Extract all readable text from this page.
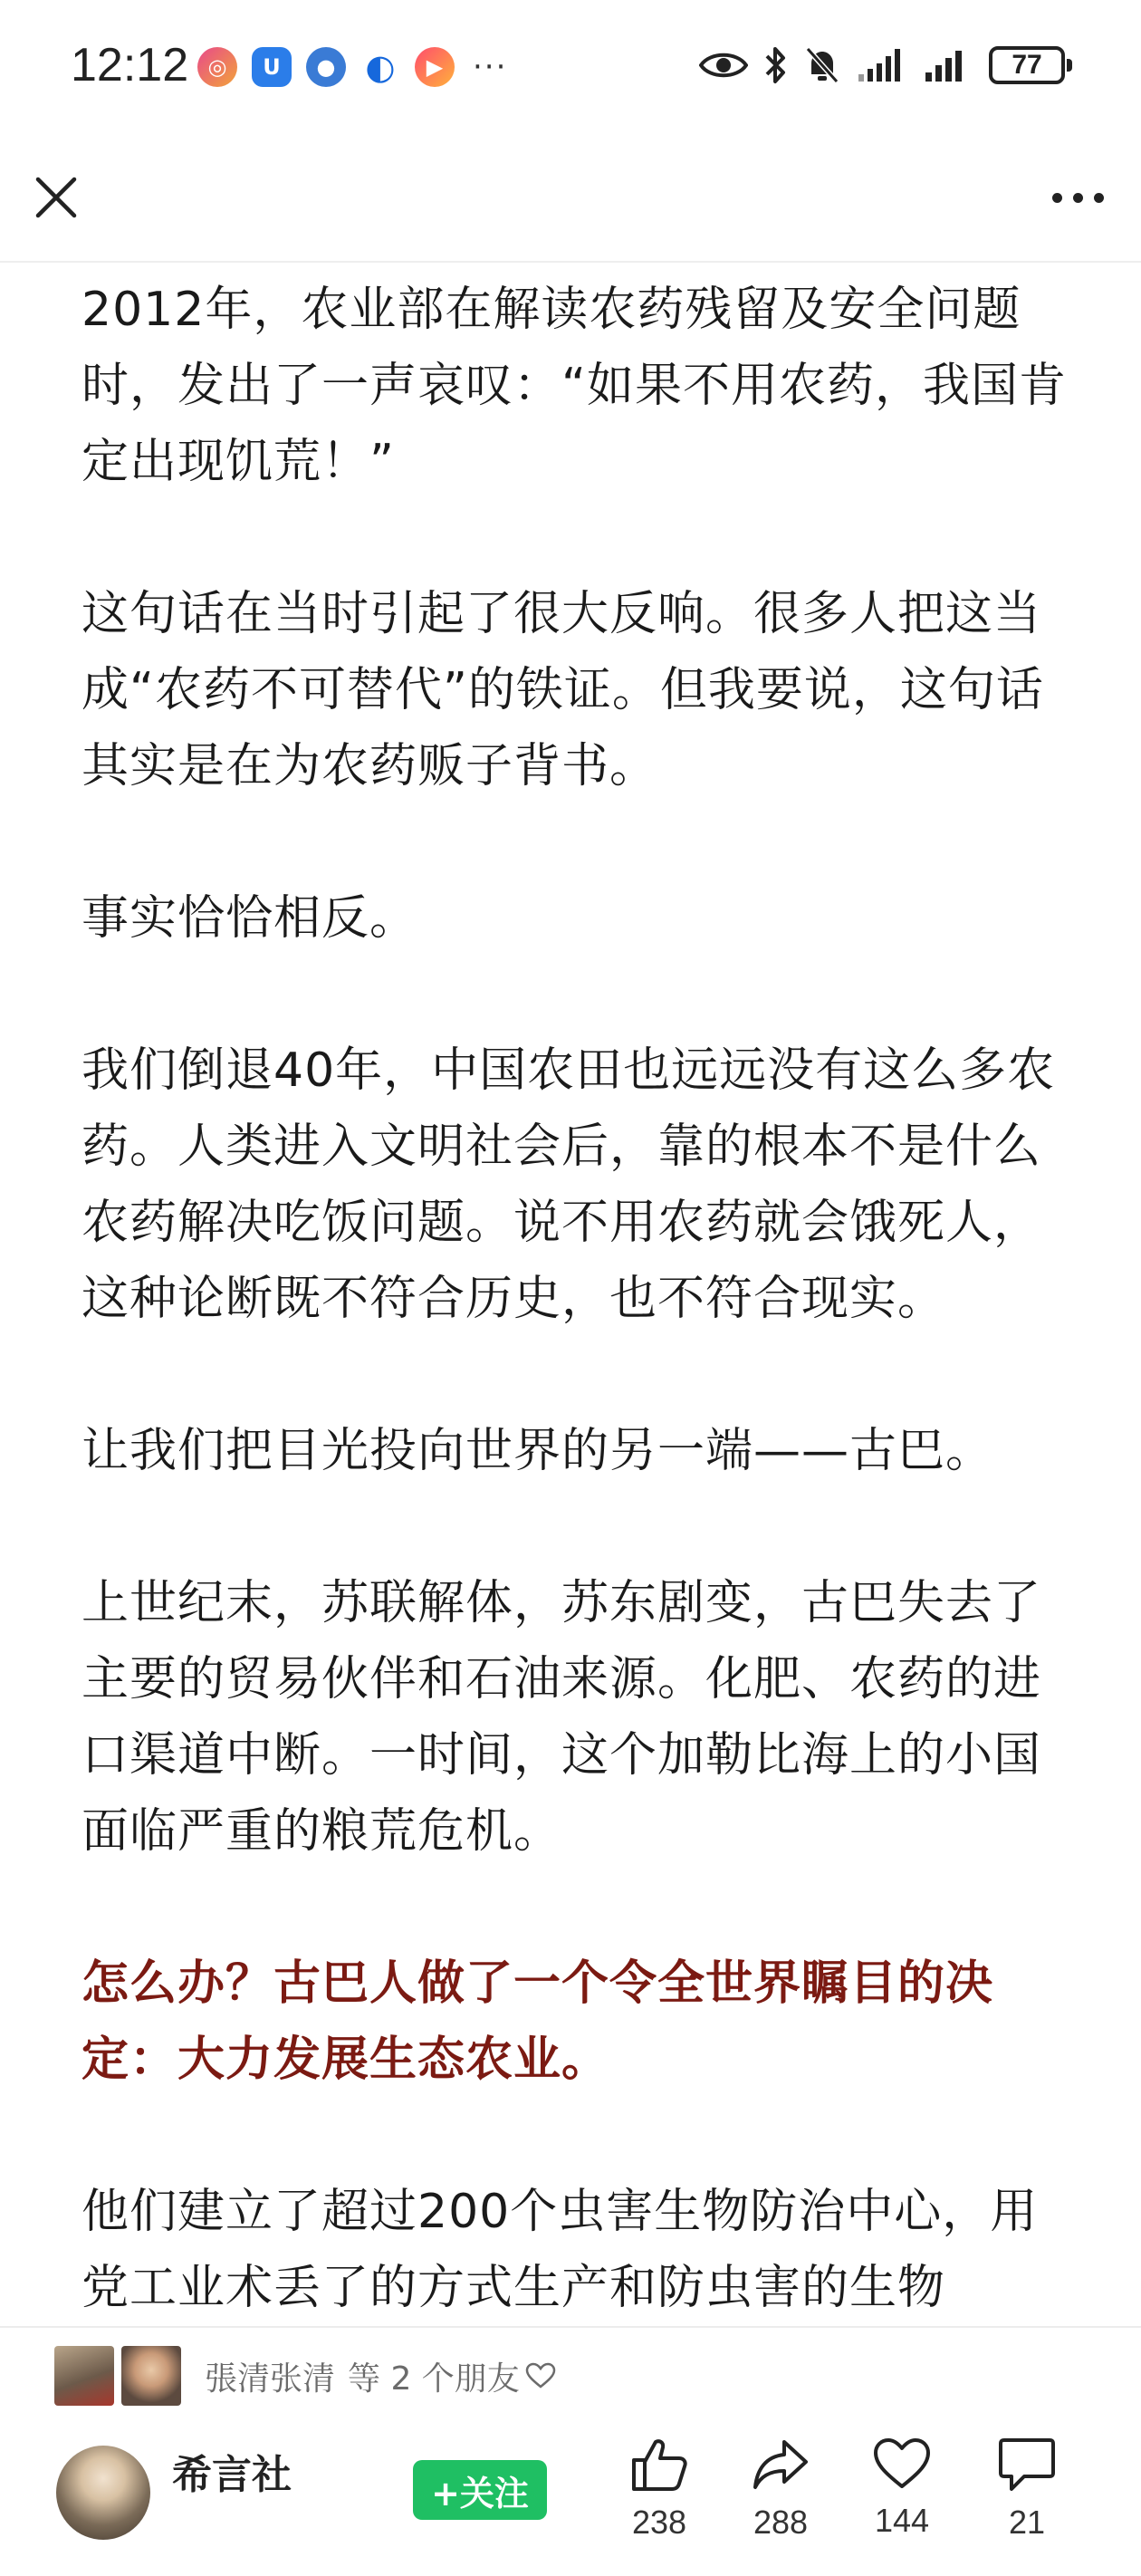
12:12 ◎	U	● ◐	▶ ···	77

2012年，农业部在解读农药残留及安全问题时，发出了一声哀叹：“如果不用农药，我国肯定出现饥荒！”

这句话在当时引起了很大反响。很多人把这当成“农药不可替代”的铁证。但我要说，这句话其实是在为农药贩子背书。

事实恰恰相反。

我们倒退40年，中国农田也远远没有这么多农药。人类进入文明社会后，靠的根本不是什么农药解决吃饭问题。说不用农药就会饿死人，这种论断既不符合历史，也不符合现实。

让我们把目光投向世界的另一端——古巴。

上世纪末，苏联解体，苏东剧变，古巴失去了主要的贸易伙伴和石油来源。化肥、农药的进口渠道中断。一时间，这个加勒比海上的小国面临严重的粮荒危机。

怎么办？古巴人做了一个令全世界瞩目的决定：大力发展生态农业。

他们建立了超过200个虫害生物防治中心，用党工业术丢了的方式生产和防虫害的生物

張清张清 等 2 个朋友
希言社	+关注
238 288 144 21
